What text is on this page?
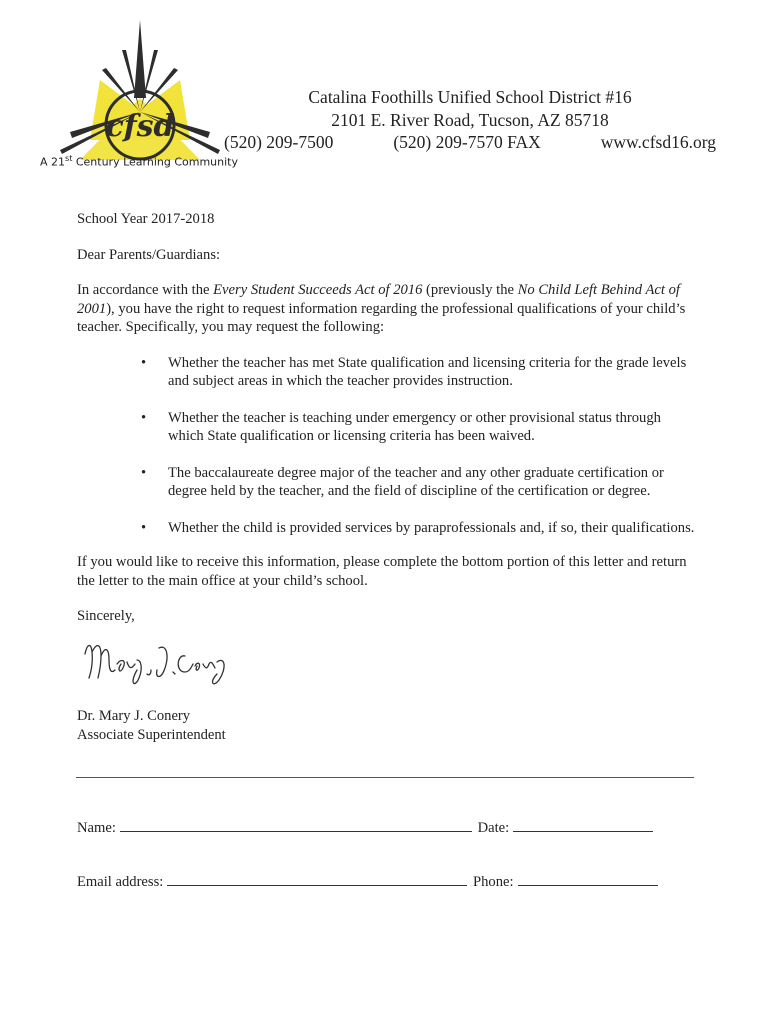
cfsd
A 21st Century Learning Community
Catalina Foothills Unified School District #16
2101 E. River Road, Tucson, AZ 85718
(520) 209-7500	(520) 209-7570 FAX	www.cfsd16.org

School Year 2017-2018

Dear Parents/Guardians:

In accordance with the Every Student Succeeds Act of 2016 (previously the No Child Left Behind Act of 2001), you have the right to request information regarding the professional qualifications of your child’s teacher. Specifically, you may request the following:

• Whether the teacher has met State qualification and licensing criteria for the grade levels and subject areas in which the teacher provides instruction.
• Whether the teacher is teaching under emergency or other provisional status through which State qualification or licensing criteria has been waived.
• The baccalaureate degree major of the teacher and any other graduate certification or degree held by the teacher, and the field of discipline of the certification or degree.
• Whether the child is provided services by paraprofessionals and, if so, their qualifications.

If you would like to receive this information, please complete the bottom portion of this letter and return the letter to the main office at your child’s school.

Sincerely,

Dr. Mary J. Conery

Associate Superintendent

Name:	Date:
Email address:	Phone:
